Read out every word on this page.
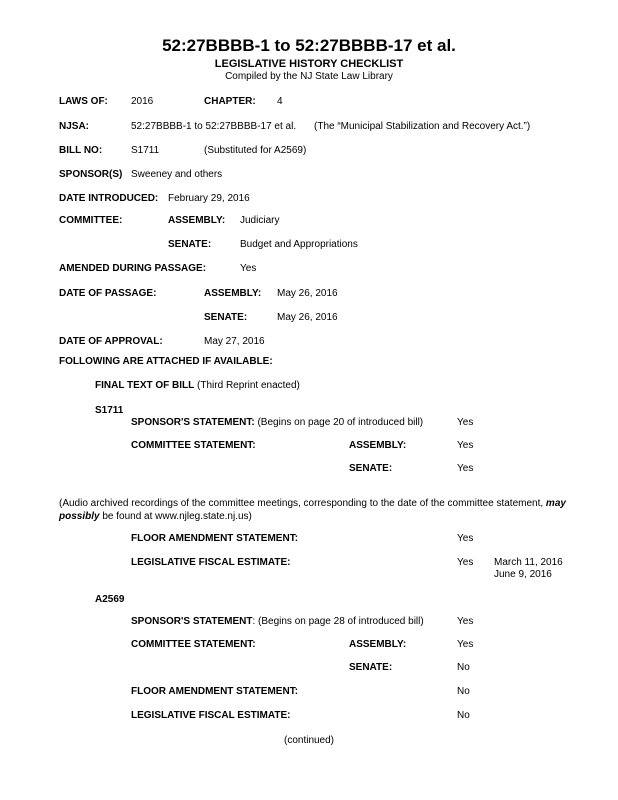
52:27BBBB-1 to 52:27BBBB-17 et al.
LEGISLATIVE HISTORY CHECKLIST
Compiled by the NJ State Law Library
LAWS OF: 2016	CHAPTER: 4
NJSA:	52:27BBBB-1 to 52:27BBBB-17 et al. (The “Municipal Stabilization and Recovery Act.”)
BILL NO:	S1711	(Substituted for A2569)
SPONSOR(S) Sweeney and others
DATE INTRODUCED: February 29, 2016
COMMITTEE:	ASSEMBLY: Judiciary
SENATE:	Budget and Appropriations
AMENDED DURING PASSAGE:	Yes
DATE OF PASSAGE:	ASSEMBLY: May 26, 2016
SENATE:	May 26, 2016
DATE OF APPROVAL:	May 27, 2016
FOLLOWING ARE ATTACHED IF AVAILABLE:
FINAL TEXT OF BILL (Third Reprint enacted)
S1711
SPONSOR'S STATEMENT: (Begins on page 20 of introduced bill)	Yes
COMMITTEE STATEMENT:	ASSEMBLY:	Yes
SENATE:	Yes
(Audio archived recordings of the committee meetings, corresponding to the date of the committee statement, may possibly be found at www.njleg.state.nj.us)
FLOOR AMENDMENT STATEMENT:	Yes
LEGISLATIVE FISCAL ESTIMATE:	Yes March 11, 2016
June 9, 2016
A2569
SPONSOR'S STATEMENT: (Begins on page 28 of introduced bill)	Yes
COMMITTEE STATEMENT:	ASSEMBLY:	Yes
SENATE:	No
FLOOR AMENDMENT STATEMENT:	No
LEGISLATIVE FISCAL ESTIMATE:	No
(continued)
